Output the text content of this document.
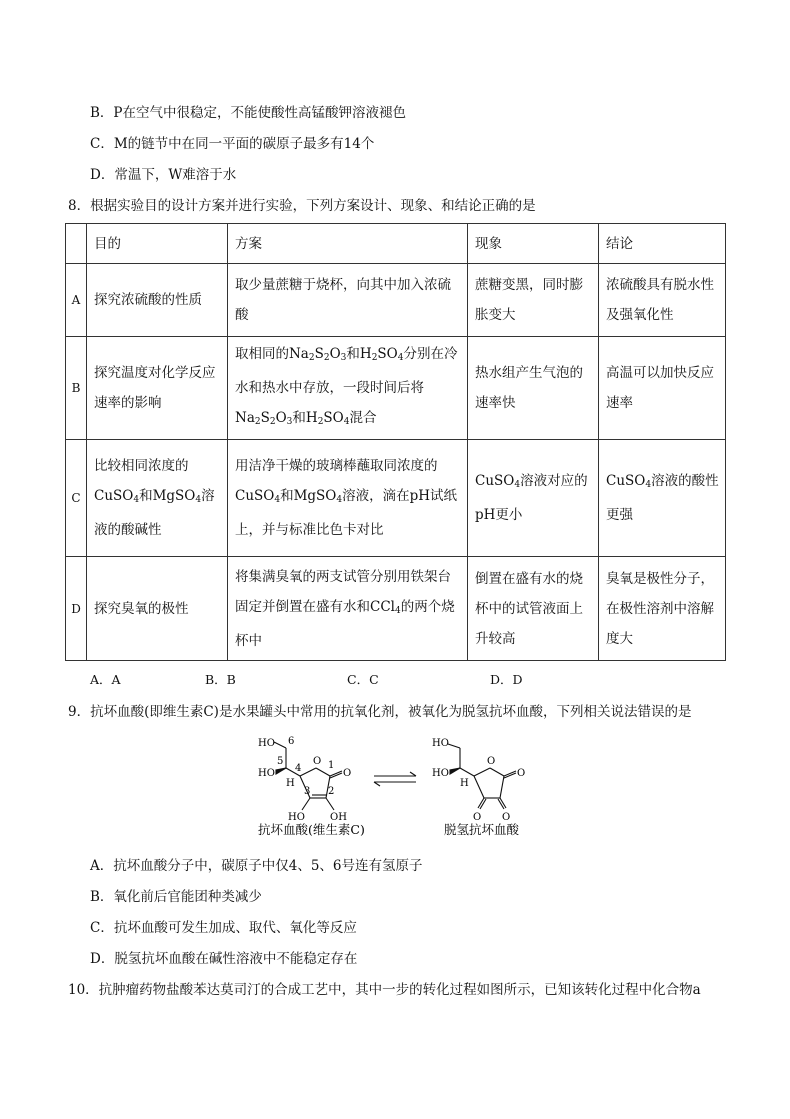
B．P在空气中很稳定，不能使酸性高锰酸钾溶液褪色
C．M的链节中在同一平面的碳原子最多有14个
D．常温下，W难溶于水
8．根据实验目的设计方案并进行实验，下列方案设计、现象、和结论正确的是
	目的	方案	现象	结论
A	探究浓硫酸的性质	取少量蔗糖于烧杯，向其中加入浓硫酸	蔗糖变黑，同时膨胀变大	浓硫酸具有脱水性及强氧化性

B	探究温度对化学反应速率的影响	取相同的$Na_2S_2O_3$和$H_2SO_4$分别在冷水和热水中存放，一段时间后将$Na_2S_2O_3$和$H_2SO_4$混合	热水组产生气泡的速率快	高温可以加快反应速率

C	比较相同浓度的CuSO$_4$和MgSO$_4$溶液的酸碱性	用洁净干燥的玻璃棒蘸取同浓度的CuSO$_4$和MgSO$_4$溶液，滴在pH试纸上，并与标准比色卡对比	CuSO$_4$溶液对应的pH更小	CuSO$_4$溶液的酸性更强

D	探究臭氧的极性	将集满臭氧的两支试管分别用铁架台固定并倒置在盛有水和CCl$_4$的两个烧杯中	倒置在盛有水的烧杯中的试管液面上升较高	臭氧是极性分子，在极性溶剂中溶解度大
A．A	B．B	C．C	D．D
9．抗坏血酸(即维生素C)是水果罐头中常用的抗氧化剂，被氧化为脱氢抗坏血酸，下列相关说法错误的是
HO 6
5
4
O 1
O
HO
H
3 2
HO	OH
HO
O
O
HO
H
O O
抗坏血酸(维生素C)	脱氢抗坏血酸
A．抗坏血酸分子中，碳原子中仅4、5、6号连有氢原子
B．氧化前后官能团种类减少
C．抗坏血酸可发生加成、取代、氧化等反应
D．脱氢抗坏血酸在碱性溶液中不能稳定存在
10．抗肿瘤药物盐酸苯达莫司汀的合成工艺中，其中一步的转化过程如图所示，已知该转化过程中化合物a
